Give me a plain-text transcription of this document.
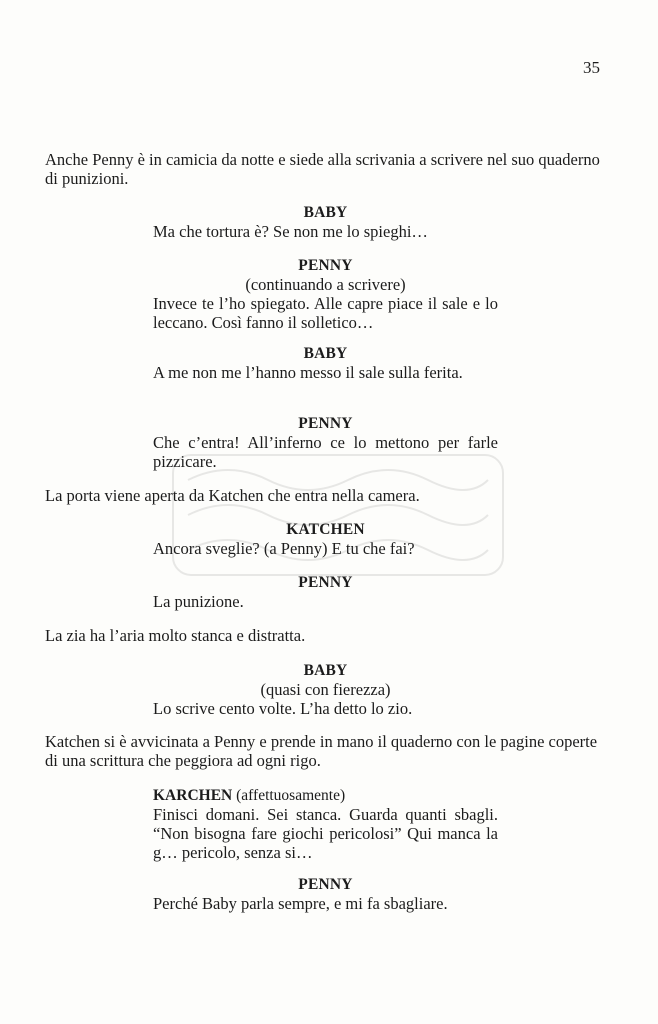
35
Anche Penny è in camicia da notte e siede alla scrivania a scrivere nel suo quaderno di punizioni.
BABY
Ma che tortura è? Se non me lo spieghi…
PENNY
(continuando a scrivere)
Invece te l’ho spiegato. Alle capre piace il sale e lo leccano. Così fanno il solletico…
BABY
A me non me l’hanno messo il sale sulla ferita.
PENNY
Che c’entra! All’inferno ce lo mettono per farle pizzicare.
La porta viene aperta da Katchen che entra nella camera.
KATCHEN
Ancora sveglie? (a Penny) E tu che fai?
PENNY
La punizione.
La zia ha l’aria molto stanca e distratta.
BABY
(quasi con fierezza)
Lo scrive cento volte. L’ha detto lo zio.
Katchen si è avvicinata a Penny e prende in mano il quaderno con le pagine coperte di una scrittura che peggiora ad ogni rigo.
KARCHEN (affettuosamente)
Finisci domani. Sei stanca. Guarda quanti sbagli. “Non bisogna fare giochi pericolosi” Qui manca la g… pericolo, senza si…
PENNY
Perché Baby parla sempre, e mi fa sbagliare.
